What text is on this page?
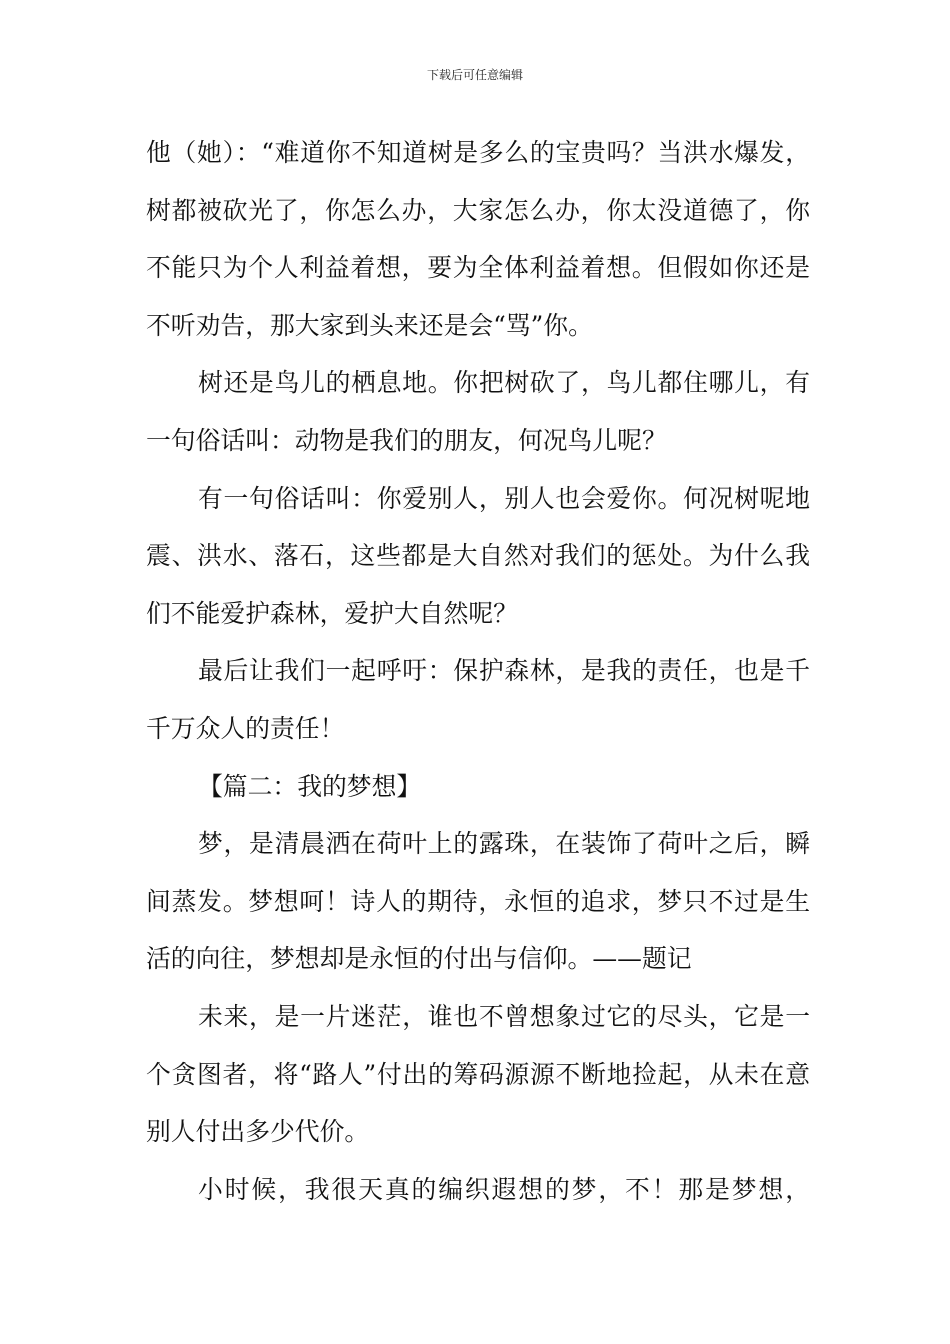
下载后可任意编辑

他（她）：“难道你不知道树是多么的宝贵吗？当洪水爆发，树都被砍光了，你怎么办，大家怎么办，你太没道德了，你不能只为个人利益着想，要为全体利益着想。但假如你还是不听劝告，那大家到头来还是会“骂”你。

树还是鸟儿的栖息地。你把树砍了，鸟儿都住哪儿，有一句俗话叫：动物是我们的朋友，何况鸟儿呢？

有一句俗话叫：你爱别人，别人也会爱你。何况树呢地震、洪水、落石，这些都是大自然对我们的惩处。为什么我们不能爱护森林，爱护大自然呢？

最后让我们一起呼吁：保护森林，是我的责任，也是千千万众人的责任！

【篇二：我的梦想】

梦，是清晨洒在荷叶上的露珠，在装饰了荷叶之后，瞬间蒸发。梦想呵！诗人的期待，永恒的追求，梦只不过是生活的向往，梦想却是永恒的付出与信仰。——题记

未来，是一片迷茫，谁也不曾想象过它的尽头，它是一个贪图者，将“路人”付出的筹码源源不断地捡起，从未在意别人付出多少代价。

小时候，我很天真的编织遐想的梦，不！那是梦想，
